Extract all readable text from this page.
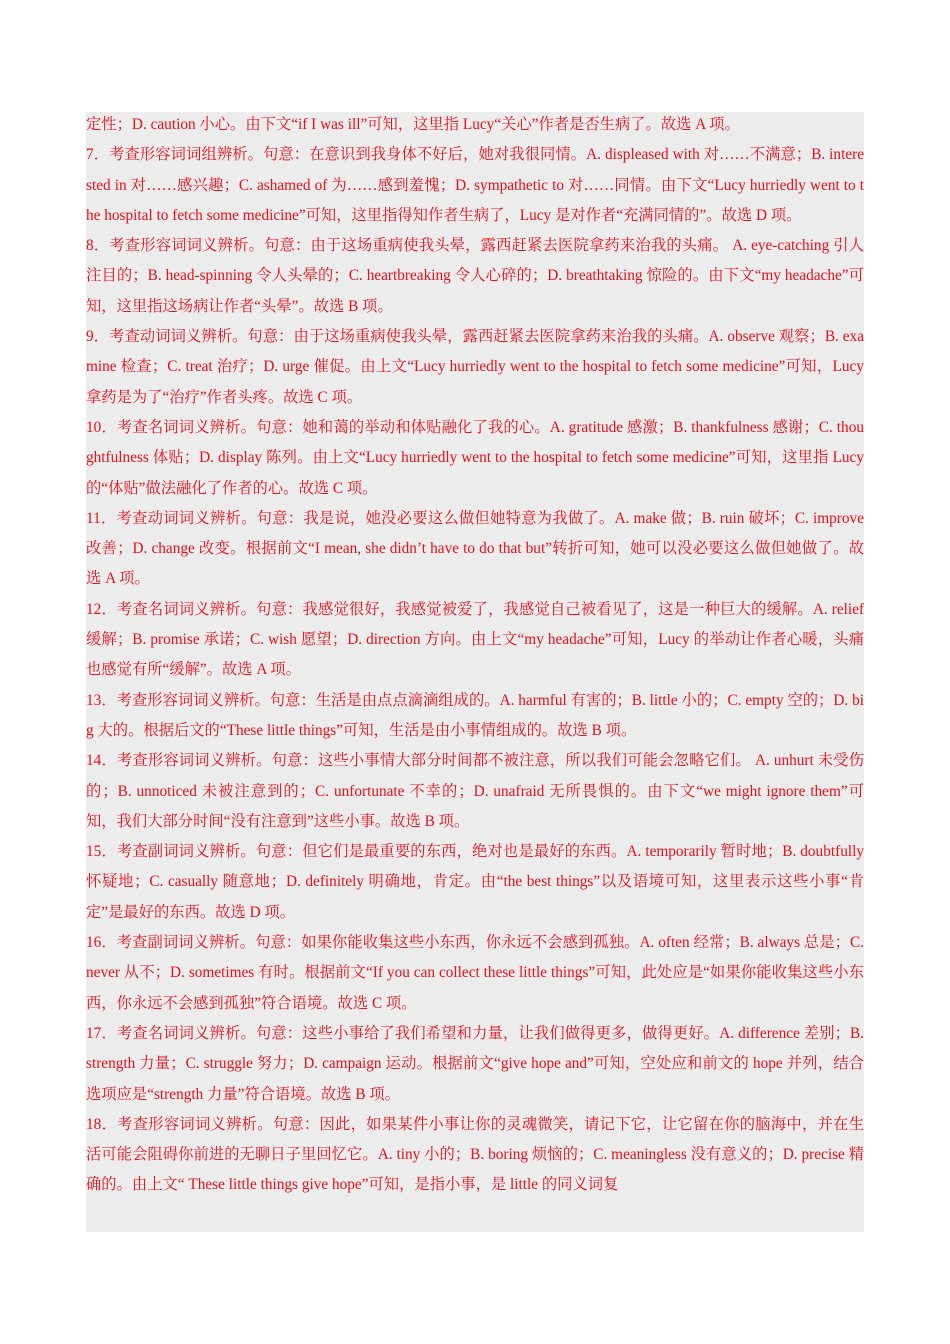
定性；D. caution 小心。由下文“if I was ill”可知，这里指 Lucy“关心”作者是否生病了。故选 A 项。

7．考查形容词词组辨析。句意：在意识到我身体不好后，她对我很同情。A. displeased with 对……不满意；B. interested in 对……感兴趣；C. ashamed of 为……感到羞愧；D. sympathetic to 对……同情。由下文“Lucy hurriedly went to the hospital to fetch some medicine”可知，这里指得知作者生病了，Lucy 是对作者“充满同情的”。故选 D 项。

8．考查形容词词义辨析。句意：由于这场重病使我头晕，露西赶紧去医院拿药来治我的头痛。 A. eye-catching 引人注目的；B. head-spinning 令人头晕的；C. heartbreaking 令人心碎的；D. breathtaking 惊险的。由下文“my headache”可知，这里指这场病让作者“头晕”。故选 B 项。

9．考查动词词义辨析。句意：由于这场重病使我头晕，露西赶紧去医院拿药来治我的头痛。A. observe 观察；B. examine 检查；C. treat 治疗；D. urge 催促。由上文“Lucy hurriedly went to the hospital to fetch some medicine”可知，Lucy 拿药是为了“治疗”作者头疼。故选 C 项。

10．考查名词词义辨析。句意：她和蔼的举动和体贴融化了我的心。A. gratitude 感激；B. thankfulness 感谢；C. thoughtfulness 体贴；D. display 陈列。由上文“Lucy hurriedly went to the hospital to fetch some medicine”可知，这里指 Lucy 的“体贴”做法融化了作者的心。故选 C 项。

11．考查动词词义辨析。句意：我是说，她没必要这么做但她特意为我做了。A. make 做；B. ruin 破坏；C. improve 改善；D. change 改变。根据前文“I mean, she didn’t have to do that but”转折可知，她可以没必要这么做但她做了。故选 A 项。

12．考查名词词义辨析。句意：我感觉很好，我感觉被爱了，我感觉自己被看见了，这是一种巨大的缓解。A. relief 缓解；B. promise 承诺；C. wish 愿望；D. direction 方向。由上文“my headache”可知，Lucy 的举动让作者心暖，头痛也感觉有所“缓解”。故选 A 项。

13．考查形容词词义辨析。句意：生活是由点点滴滴组成的。A. harmful 有害的；B. little 小的；C. empty 空的；D. big 大的。根据后文的“These little things”可知，生活是由小事情组成的。故选 B 项。

14．考查形容词词义辨析。句意：这些小事情大部分时间都不被注意，所以我们可能会忽略它们。 A. unhurt 未受伤的；B. unnoticed 未被注意到的；C. unfortunate 不幸的；D. unafraid 无所畏惧的。由下文“we might ignore them”可知，我们大部分时间“没有注意到”这些小事。故选 B 项。

15．考查副词词义辨析。句意：但它们是最重要的东西，绝对也是最好的东西。A. temporarily 暂时地；B. doubtfully 怀疑地；C. casually 随意地；D. definitely 明确地，肯定。由“the best things”以及语境可知，这里表示这些小事“肯定”是最好的东西。故选 D 项。

16．考查副词词义辨析。句意：如果你能收集这些小东西，你永远不会感到孤独。A. often 经常；B. always 总是；C. never 从不；D. sometimes 有时。根据前文“If you can collect these little things”可知，此处应是“如果你能收集这些小东西，你永远不会感到孤独”符合语境。故选 C 项。

17．考查名词词义辨析。句意：这些小事给了我们希望和力量，让我们做得更多，做得更好。A. difference 差别；B. strength 力量；C. struggle 努力；D. campaign 运动。根据前文“give hope and”可知，空处应和前文的 hope 并列，结合选项应是“strength 力量”符合语境。故选 B 项。

18．考查形容词词义辨析。句意：因此，如果某件小事让你的灵魂微笑，请记下它，让它留在你的脑海中，并在生活可能会阻碍你前进的无聊日子里回忆它。A. tiny 小的；B. boring 烦恼的；C. meaningless 没有意义的；D. precise 精确的。由上文“ These little things give hope”可知，是指小事，是 little 的同义词复
